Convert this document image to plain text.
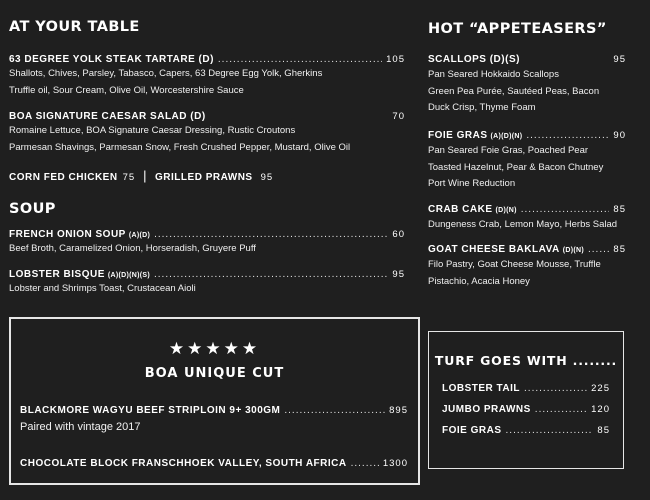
AT YOUR TABLE
63 DEGREE YOLK STEAK TARTARE (D) .....	105
Shallots, Chives, Parsley, Tabasco, Capers, 63 Degree Egg Yolk, Gherkins
Truffle oil, Sour Cream, Olive Oil, Worcestershire Sauce
BOA SIGNATURE CAESAR SALAD (D)	70
Romaine Lettuce, BOA Signature Caesar Dressing, Rustic Croutons
Parmesan Shavings, Parmesan Snow, Fresh Crushed Pepper, Mustard, Olive Oil
CORN FED CHICKEN 75 | GRILLED PRAWNS 95
SOUP
FRENCH ONION SOUP (A)(D) .....	60
Beef Broth, Caramelized Onion, Horseradish, Gruyere Puff
LOBSTER BISQUE (A)(D)(N)(S) .....	95
Lobster and Shrimps Toast, Crustacean Aioli
HOT “APPETEASERS”
SCALLOPS (D)(S)	95
Pan Seared Hokkaido Scallops
Green Pea Purée, Sautéed Peas, Bacon
Duck Crisp, Thyme Foam
FOIE GRAS (A)(D)(N) .....	90
Pan Seared Foie Gras, Poached Pear
Toasted Hazelnut, Pear & Bacon Chutney
Port Wine Reduction
CRAB CAKE (D)(N) .....	85
Dungeness Crab, Lemon Mayo, Herbs Salad
GOAT CHEESE BAKLAVA (D)(N) .....	85
Filo Pastry, Goat Cheese Mousse, Truffle
Pistachio, Acacia Honey
★★★★★
BOA UNIQUE CUT
BLACKMORE WAGYU BEEF STRIPLOIN 9+ 300GM .....	895
Paired with vintage 2017
CHOCOLATE BLOCK FRANSCHHOEK VALLEY, SOUTH AFRICA .....	1300
TURF GOES WITH ........
LOBSTER TAIL .....	225
JUMBO PRAWNS .....	120
FOIE GRAS .....	85
